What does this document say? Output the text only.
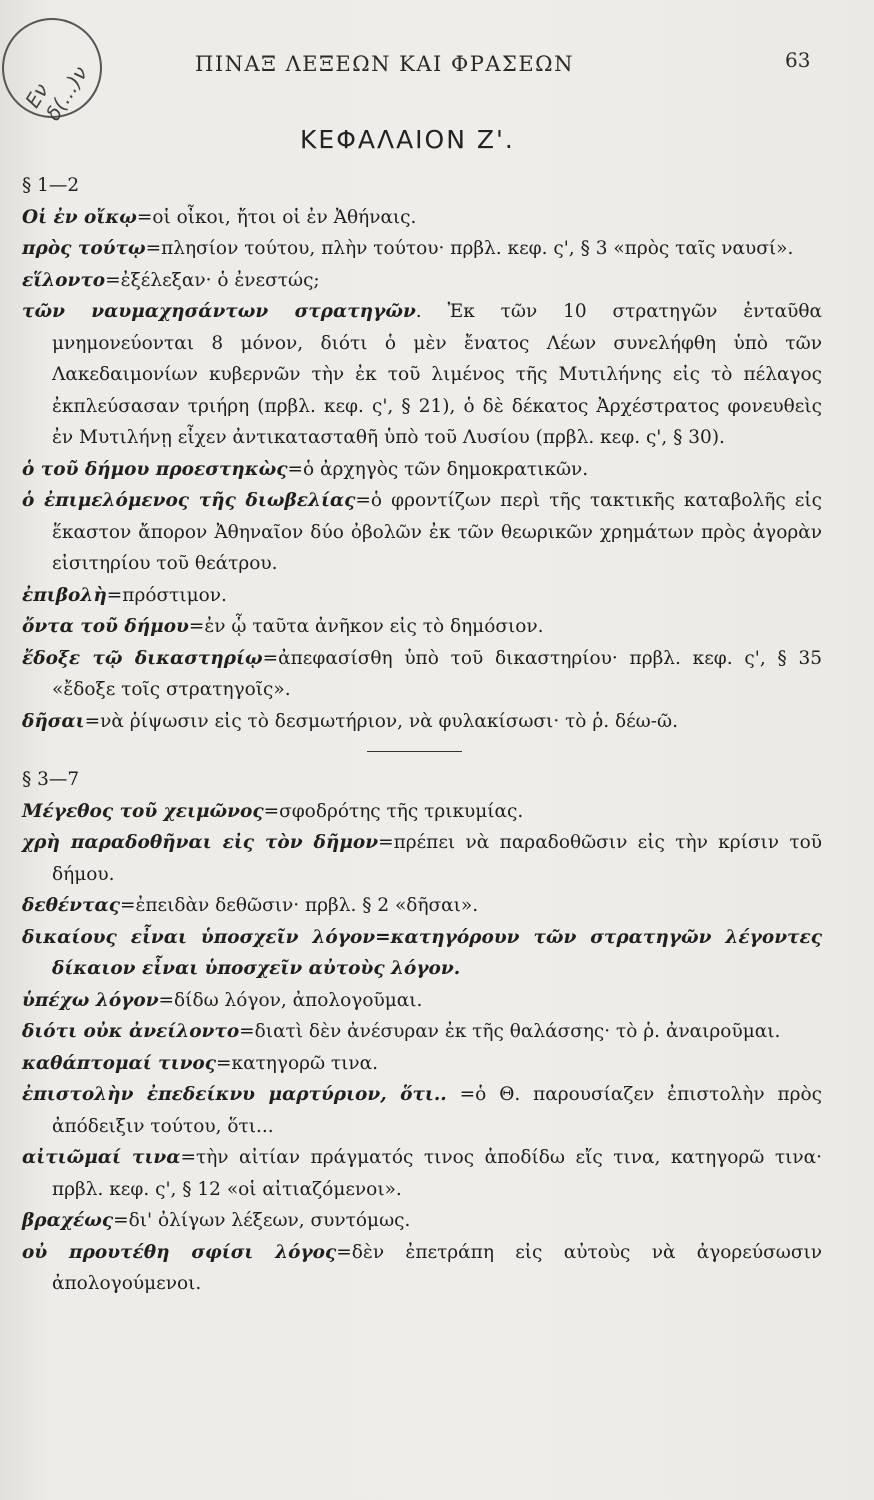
Εν δ(…)ν	ΠΙΝΑΞ ΛΕΞΕΩΝ ΚΑΙ ΦΡΑΣΕΩΝ	63
ΚΕΦΑΛΑΙΟΝ Ζ'.
§ 1—2

Οἱ ἐν οἴκῳ=οἱ οἶκοι, ἤτοι οἱ ἐν Ἀθήναις.

πρὸς τούτῳ=πλησίον τούτου, πλὴν τούτου· πρβλ. κεφ. ς', § 3 «πρὸς ταῖς ναυσί».

εἵλοντο=ἐξέλεξαν· ὁ ἐνεστώς;

τῶν ναυμαχησάντων στρατηγῶν. Ἐκ τῶν 10 στρατηγῶν ἐνταῦθα μνημονεύονται 8 μόνον, διότι ὁ μὲν ἔνατος Λέων συνελήφθη ὑπὸ τῶν Λακεδαιμονίων κυβερνῶν τὴν ἐκ τοῦ λιμένος τῆς Μυτιλήνης εἰς τὸ πέλαγος ἐκπλεύσασαν τριήρη (πρβλ. κεφ. ς', § 21), ὁ δὲ δέκατος Ἀρχέστρατος φονευθεὶς ἐν Μυτιλήνῃ εἶχεν ἀντικατασταθῆ ὑπὸ τοῦ Λυσίου (πρβλ. κεφ. ς', § 30).

ὁ τοῦ δήμου προεστηκὼς=ὁ ἀρχηγὸς τῶν δημοκρατικῶν.

ὁ ἐπιμελόμενος τῆς διωβελίας=ὁ φροντίζων περὶ τῆς τακτικῆς καταβολῆς εἰς ἕκαστον ἄπορον Ἀθηναῖον δύο ὀβολῶν ἐκ τῶν θεωρικῶν χρημάτων πρὸς ἀγορὰν εἰσιτηρίου τοῦ θεάτρου.

ἐπιβολὴ=πρόστιμον.

ὄντα τοῦ δήμου=ἐν ᾧ ταῦτα ἀνῆκον εἰς τὸ δημόσιον.

ἔδοξε τῷ δικαστηρίῳ=ἀπεφασίσθη ὑπὸ τοῦ δικαστηρίου· πρβλ. κεφ. ς', § 35 «ἔδοξε τοῖς στρατηγοῖς».

δῆσαι=νὰ ῥίψωσιν εἰς τὸ δεσμωτήριον, νὰ φυλακίσωσι· τὸ ῥ. δέω-ῶ.

§ 3—7

Μέγεθος τοῦ χειμῶνος=σφοδρότης τῆς τρικυμίας.

χρὴ παραδοθῆναι εἰς τὸν δῆμον=πρέπει νὰ παραδοθῶσιν εἰς τὴν κρίσιν τοῦ δήμου.

δεθέντας=ἐπειδὰν δεθῶσιν· πρβλ. § 2 «δῆσαι».

δικαίους εἶναι ὑποσχεῖν λόγον=κατηγόρουν τῶν στρατηγῶν λέγοντες δίκαιον εἶναι ὑποσχεῖν αὐτοὺς λόγον.

ὑπέχω λόγον=δίδω λόγον, ἀπολογοῦμαι.

διότι οὐκ ἀνείλοντο=διατὶ δὲν ἀνέσυραν ἐκ τῆς θαλάσσης· τὸ ῥ. ἀναιροῦμαι.

καθάπτομαί τινος=κατηγορῶ τινα.

ἐπιστολὴν ἐπεδείκνυ μαρτύριον, ὅτι.. =ὁ Θ. παρουσίαζεν ἐπιστολὴν πρὸς ἀπόδειξιν τούτου, ὅτι...

αἰτιῶμαί τινα=τὴν αἰτίαν πράγματός τινος ἀποδίδω εἴς τινα, κατηγορῶ τινα· πρβλ. κεφ. ς', § 12 «οἱ αἰτιαζόμενοι».

βραχέως=δι' ὀλίγων λέξεων, συντόμως.

οὐ προυτέθη σφίσι λόγος=δὲν ἐπετράπη εἰς αὐτοὺς νὰ ἀγορεύσωσιν ἀπολογούμενοι.
